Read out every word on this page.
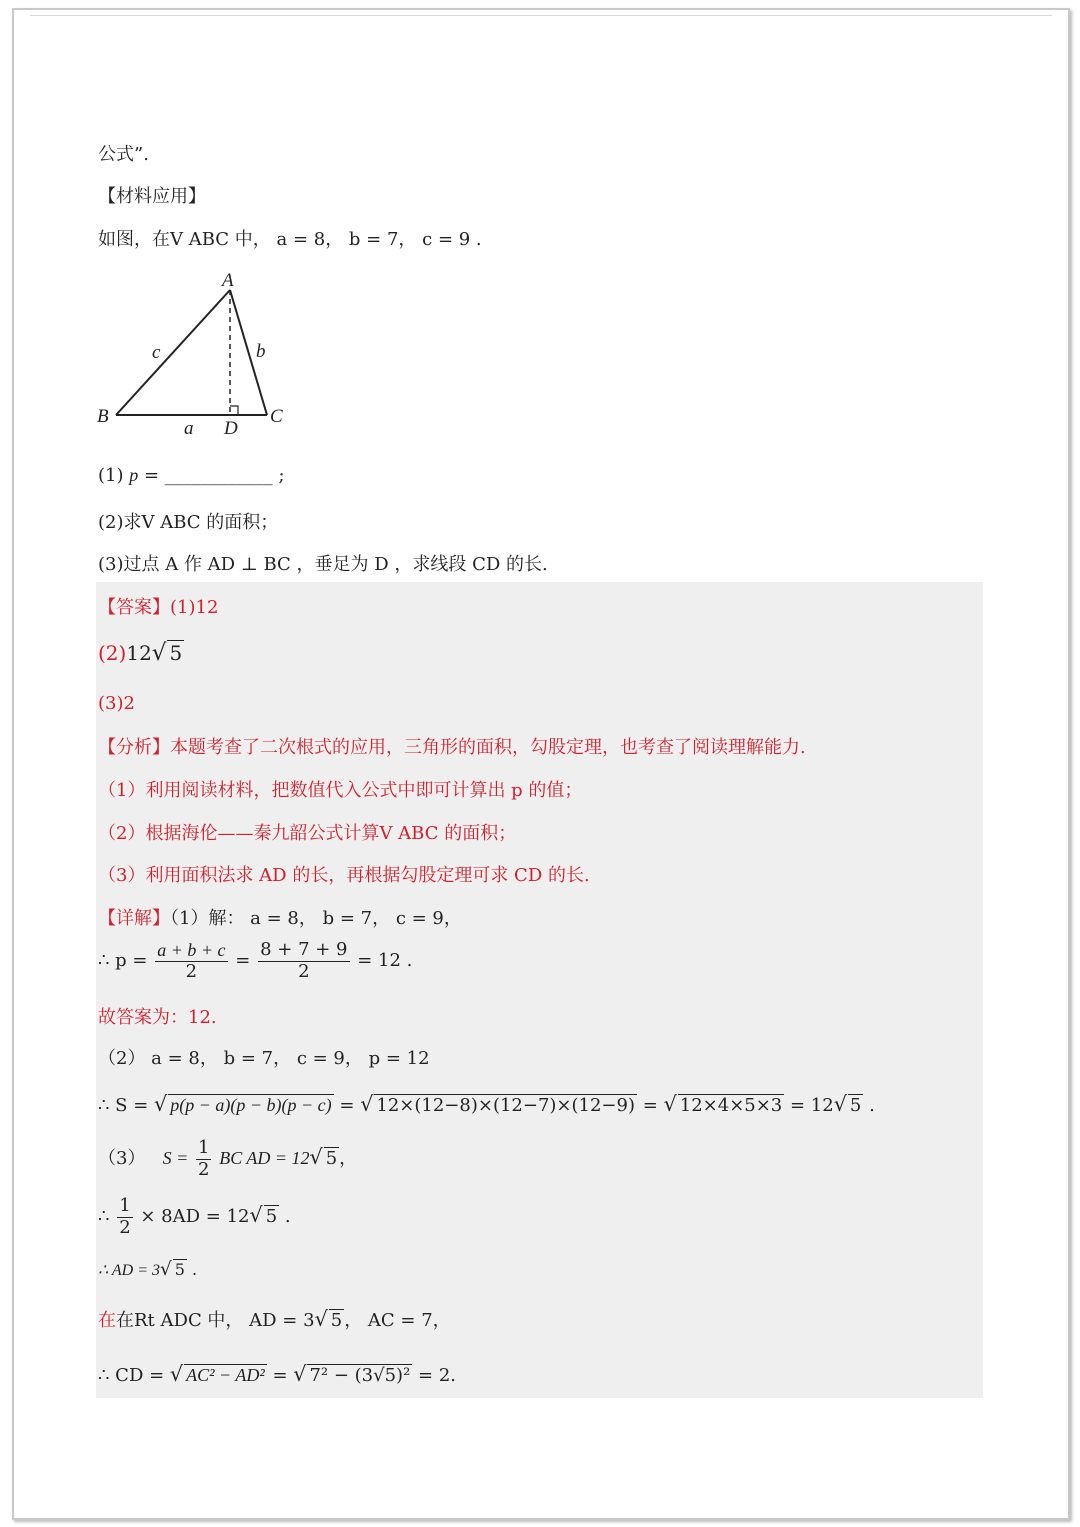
公式”.
【材料应用】
如图，在V ABC 中， a = 8， b = 7， c = 9 .
A
B	C
D
a
b
c
(1) p = ____________ ;
(2)求V ABC 的面积；
(3)过点 A 作 AD ⊥ BC ，垂足为 D ，求线段 CD 的长.
【答案】(1)12
(2)12√ 5
(3)2
【分析】本题考查了二次根式的应用，三角形的面积，勾股定理，也考查了阅读理解能力.
（1）利用阅读材料，把数值代入公式中即可计算出 p 的值；
（2）根据海伦——秦九韶公式计算V ABC 的面积；
（3）利用面积法求 AD 的长，再根据勾股定理可求 CD 的长.
【详解】（1）解： a = 8， b = 7， c = 9，
∴ $p = \frac{a + b + c}{2} = \frac{8 + 7 + 9}{2} = 12$ .
故答案为：12.
（2） a = 8， b = 7， c = 9， p = 12
∴ S = √ p(p − a)(p − b)(p − c) = √ 12×(12−8)×(12−7)×(12−9) = √ 12×4×5×3 = 12√ 5 .
（3） $S = \frac{1}{2}$ BC AD = 12√ 5 ，
∴ $\frac{1}{2} \times 8AD = 12√$ 5 .
∴ AD = 3√ 5 .
在在Rt ADC 中， AD = 3√ 5 ， AC = 7，
∴ CD = √ AC² − AD² = √ 7² − (3√5)² = 2.
